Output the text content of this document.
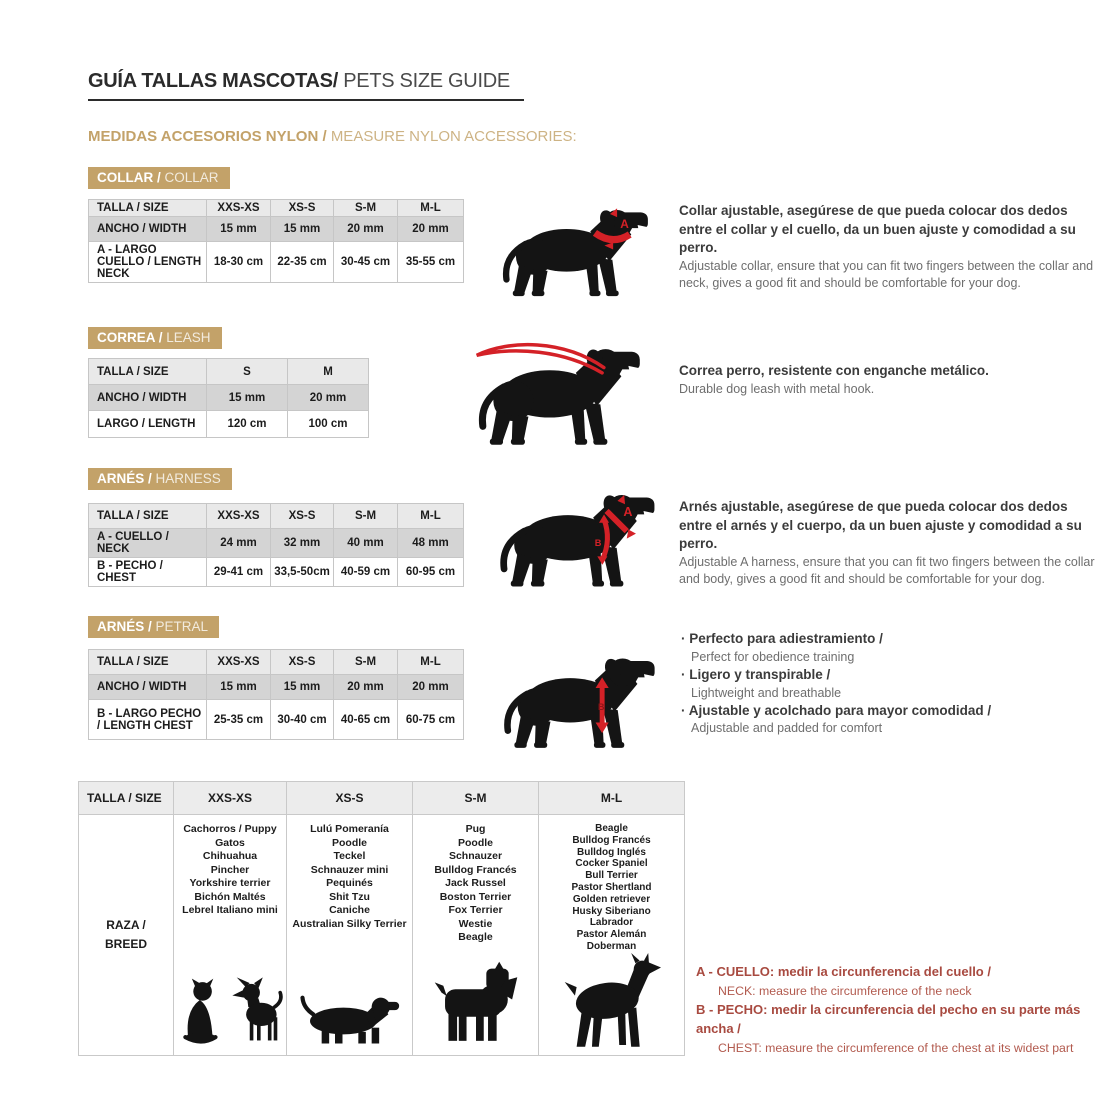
GUÍA TALLAS MASCOTAS/ PETS SIZE GUIDE
MEDIDAS ACCESORIOS NYLON / MEASURE NYLON ACCESSORIES:
COLLAR / COLLAR
TALLA / SIZE	XXS-XS	XS-S	S-M	M-L
ANCHO / WIDTH	15 mm	15 mm	20 mm	20 mm
A - LARGO CUELLO / LENGTH NECK	18-30 cm	22-35 cm	30-45 cm	35-55 cm
A
Collar ajustable, asegúrese de que pueda colocar dos dedos entre el collar y el cuello, da un buen ajuste y comodidad a su perro.
Adjustable collar, ensure that you can fit two fingers between the collar and neck, gives a good fit and should be comfortable for your dog.
CORREA / LEASH
TALLA / SIZE	S	M
ANCHO / WIDTH	15 mm	20 mm
LARGO / LENGTH	120 cm	100 cm
Correa perro, resistente con enganche metálico.
Durable dog leash with metal hook.
ARNÉS / HARNESS
TALLA / SIZE	XXS-XS	XS-S	S-M	M-L
A - CUELLO / NECK	24 mm	32 mm	40 mm	48 mm
B - PECHO / CHEST	29-41 cm	33,5-50cm	40-59 cm	60-95 cm
A
B
Arnés ajustable, asegúrese de que pueda colocar dos dedos entre el arnés y el cuerpo, da un buen ajuste y comodidad a su perro.
Adjustable A harness, ensure that you can fit two fingers between the collar and body, gives a good fit and should be comfortable for your dog.
ARNÉS / PETRAL
TALLA / SIZE	XXS-XS	XS-S	S-M	M-L
ANCHO / WIDTH	15 mm	15 mm	20 mm	20 mm
B - LARGO PECHO / LENGTH CHEST	25-35 cm	30-40 cm	40-65 cm	60-75 cm
B
· Perfecto para adiestramiento /
Perfect for obedience training
· Ligero y transpirable /
Lightweight and breathable
· Ajustable y acolchado para mayor comodidad /
Adjustable and padded for comfort
TALLA / SIZE	XXS-XS	XS-S	S-M	M-L

RAZA /
BREED

Cachorros / Puppy
Gatos
Chihuahua
Pincher
Yorkshire terrier
Bichón Maltés
Lebrel Italiano mini

Lulú Pomeranía
Poodle
Teckel
Schnauzer mini
Pequinés
Shit Tzu
Caniche
Australian Silky Terrier

Pug
Poodle
Schnauzer
Bulldog Francés
Jack Russel
Boston Terrier
Fox Terrier
Westie
Beagle

Beagle
Bulldog Francés
Bulldog Inglés
Cocker Spaniel
Bull Terrier
Pastor Shertland
Golden retriever
Husky Siberiano
Labrador
Pastor Alemán
Doberman
A - CUELLO: medir la circunferencia del cuello /
NECK: measure the circumference of the neck
B - PECHO: medir la circunferencia del pecho en su parte más ancha /
CHEST: measure the circumference of the chest at its widest part
